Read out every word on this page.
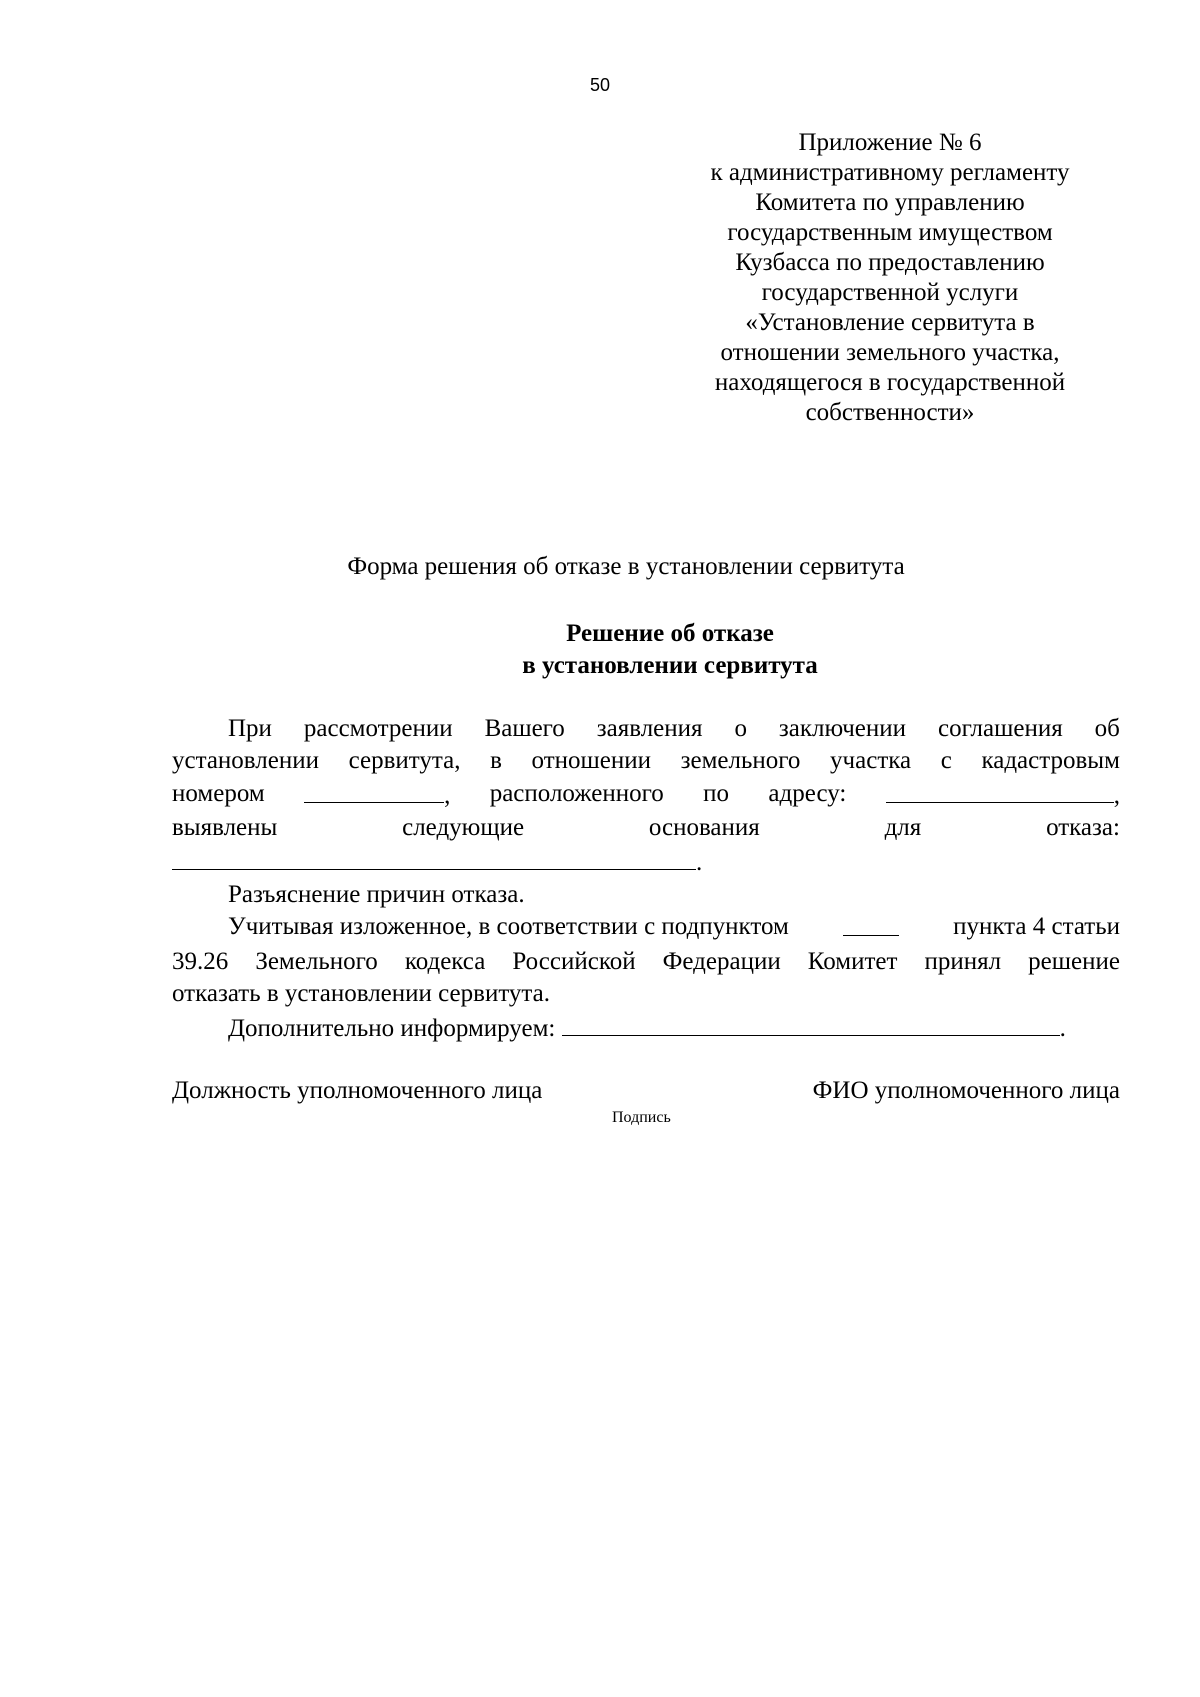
50
Приложение № 6
к административному регламенту
Комитета по управлению
государственным имуществом
Кузбасса по предоставлению
государственной услуги
«Установление сервитута в
отношении земельного участка,
находящегося в государственной
собственности»
Форма решения об отказе в установлении сервитута
Решение об отказе
в установлении сервитута
При рассмотрении Вашего заявления о заключении соглашения об
установлении сервитута, в отношении земельного участка с кадастровым
номером	, расположенного по адресу:	,
выявлены	следующие	основания	для	отказа:
.
Разъяснение причин отказа.
Учитывая изложенное, в соответствии с подпунктом	пункта 4 статьи
39.26 Земельного кодекса Российской Федерации Комитет принял решение
отказать в установлении сервитута.
Дополнительно информируем:	.
Должность уполномоченного лица	ФИО уполномоченного лица
Подпись
